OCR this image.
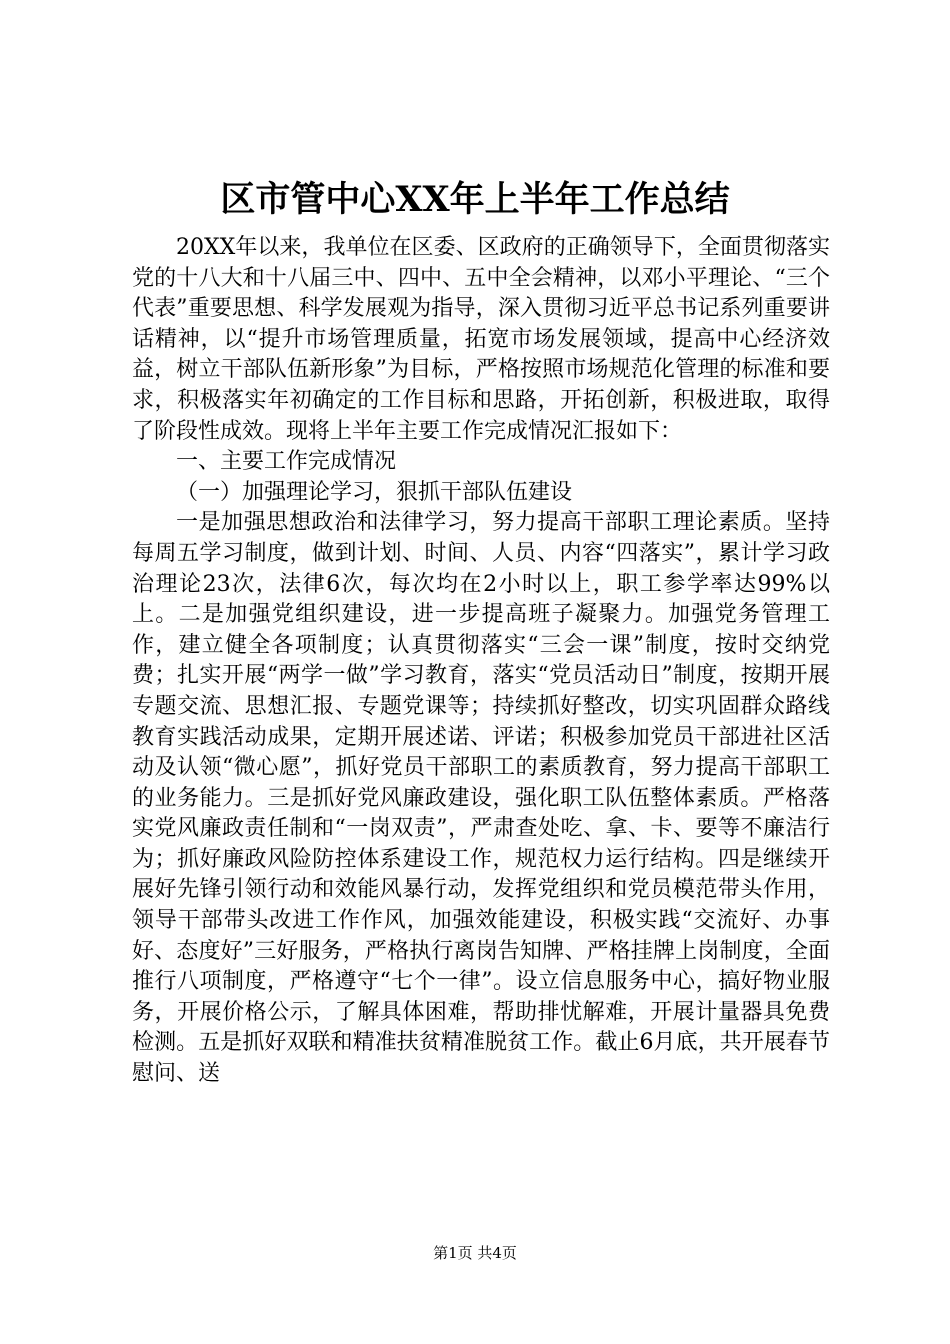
区市管中心XX年上半年工作总结

20XX年以来，我单位在区委、区政府的正确领导下，全面贯彻落实党的十八大和十八届三中、四中、五中全会精神，以邓小平理论、“三个代表”重要思想、科学发展观为指导，深入贯彻习近平总书记系列重要讲话精神，以“提升市场管理质量，拓宽市场发展领域，提高中心经济效益，树立干部队伍新形象”为目标，严格按照市场规范化管理的标准和要求，积极落实年初确定的工作目标和思路，开拓创新，积极进取，取得了阶段性成效。现将上半年主要工作完成情况汇报如下：

一、主要工作完成情况

（一）加强理论学习，狠抓干部队伍建设

一是加强思想政治和法律学习，努力提高干部职工理论素质。坚持每周五学习制度，做到计划、时间、人员、内容“四落实”，累计学习政治理论23次，法律6次，每次均在2小时以上，职工参学率达99%以上。二是加强党组织建设，进一步提高班子凝聚力。加强党务管理工作，建立健全各项制度；认真贯彻落实“三会一课”制度，按时交纳党费；扎实开展“两学一做”学习教育，落实“党员活动日”制度，按期开展专题交流、思想汇报、专题党课等；持续抓好整改，切实巩固群众路线教育实践活动成果，定期开展述诺、评诺；积极参加党员干部进社区活动及认领“微心愿”，抓好党员干部职工的素质教育，努力提高干部职工的业务能力。三是抓好党风廉政建设，强化职工队伍整体素质。严格落实党风廉政责任制和“一岗双责”，严肃查处吃、拿、卡、要等不廉洁行为；抓好廉政风险防控体系建设工作，规范权力运行结构。四是继续开展好先锋引领行动和效能风暴行动，发挥党组织和党员模范带头作用，领导干部带头改进工作作风，加强效能建设，积极实践“交流好、办事好、态度好”三好服务，严格执行离岗告知牌、严格挂牌上岗制度，全面推行八项制度，严格遵守“七个一律”。设立信息服务中心，搞好物业服务，开展价格公示，了解具体困难，帮助排忧解难，开展计量器具免费检测。五是抓好双联和精准扶贫精准脱贫工作。截止6月底，共开展春节慰问、送

第1页 共4页
